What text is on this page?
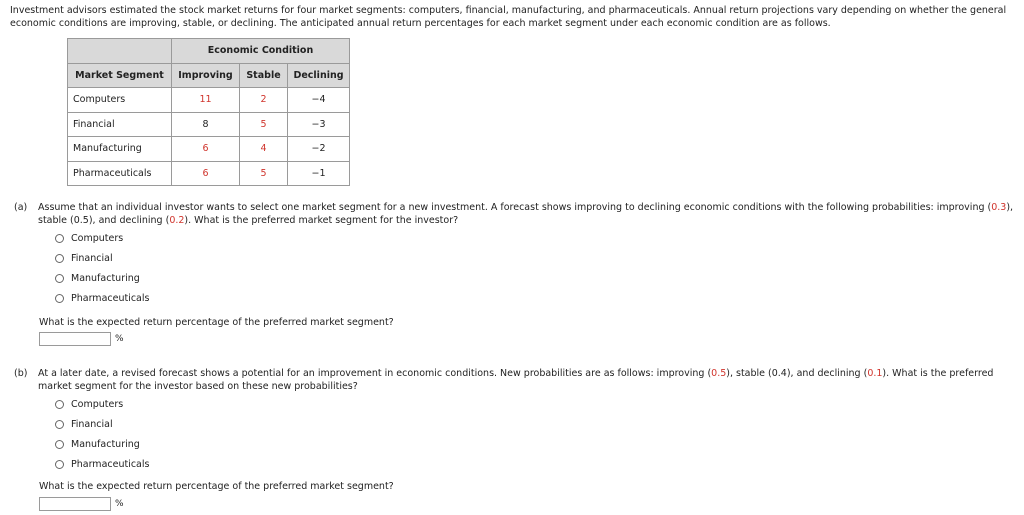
Investment advisors estimated the stock market returns for four market segments: computers, financial, manufacturing, and pharmaceuticals. Annual return projections vary depending on whether the general economic conditions are improving, stable, or declining. The anticipated annual return percentages for each market segment under each economic condition are as follows.
	Economic Condition		
Market Segment	Improving	Stable	Declining
Computers	11	2	−4
Financial	8	5	−3
Manufacturing	6	4	−2
Pharmaceuticals	6	5	−1
(a) Assume that an individual investor wants to select one market segment for a new investment. A forecast shows improving to declining economic conditions with the following probabilities: improving (0.3), stable (0.5), and declining (0.2). What is the preferred market segment for the investor?
Computers
Financial
Manufacturing
Pharmaceuticals
What is the expected return percentage of the preferred market segment?
%
(b) At a later date, a revised forecast shows a potential for an improvement in economic conditions. New probabilities are as follows: improving (0.5), stable (0.4), and declining (0.1). What is the preferred market segment for the investor based on these new probabilities?
Computers
Financial
Manufacturing
Pharmaceuticals
What is the expected return percentage of the preferred market segment?
%
